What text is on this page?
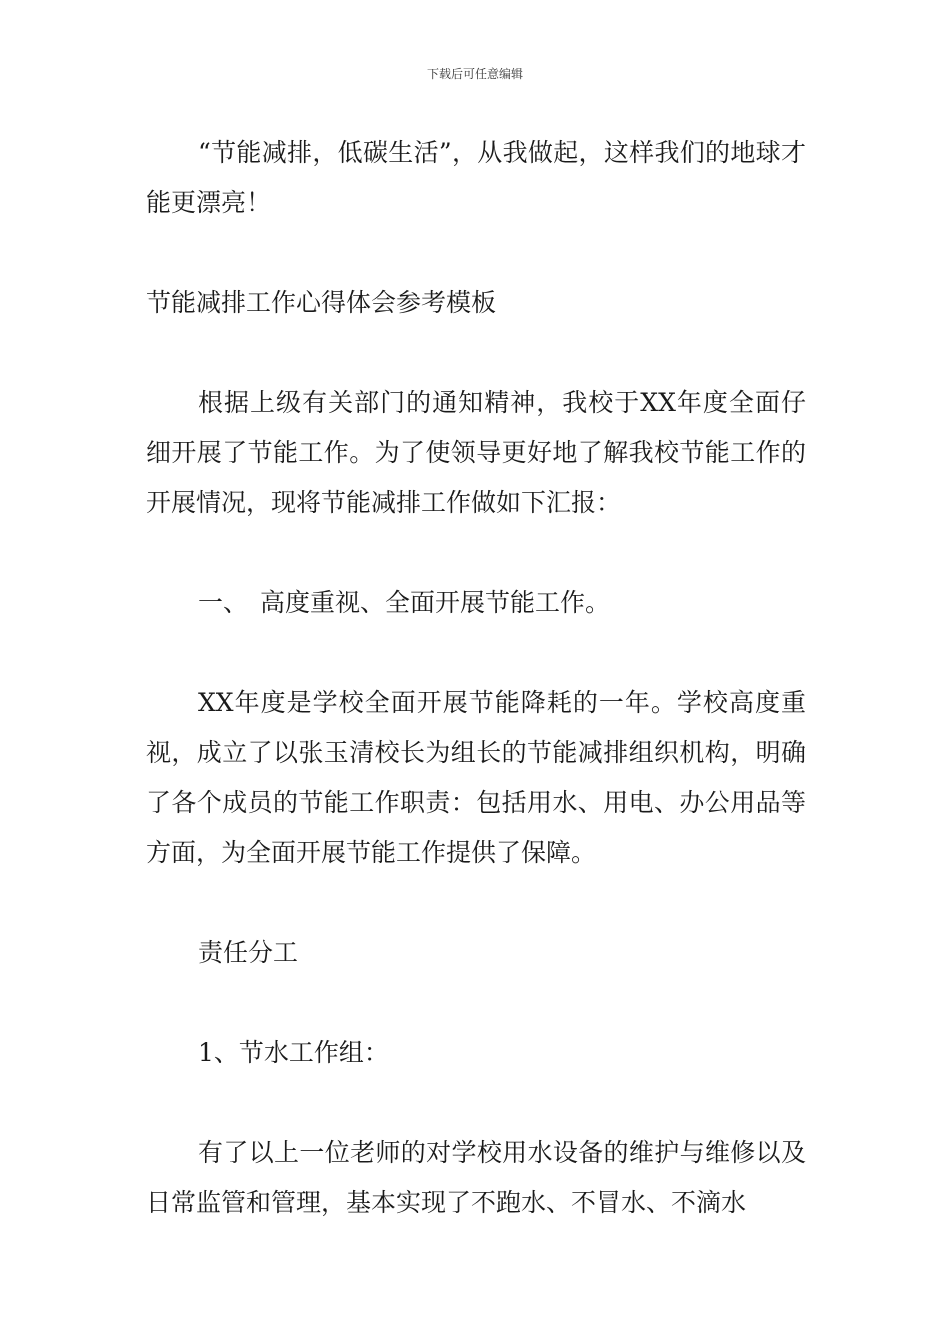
下载后可任意编辑

“节能减排，低碳生活”，从我做起，这样我们的地球才能更漂亮！

节能减排工作心得体会参考模板

根据上级有关部门的通知精神，我校于XX年度全面仔细开展了节能工作。为了使领导更好地了解我校节能工作的开展情况，现将节能减排工作做如下汇报：

一、 高度重视、全面开展节能工作。

XX年度是学校全面开展节能降耗的一年。学校高度重视，成立了以张玉清校长为组长的节能减排组织机构，明确了各个成员的节能工作职责：包括用水、用电、办公用品等方面，为全面开展节能工作提供了保障。

责任分工

1、节水工作组：

有了以上一位老师的对学校用水设备的维护与维修以及日常监管和管理，基本实现了不跑水、不冒水、不滴水
